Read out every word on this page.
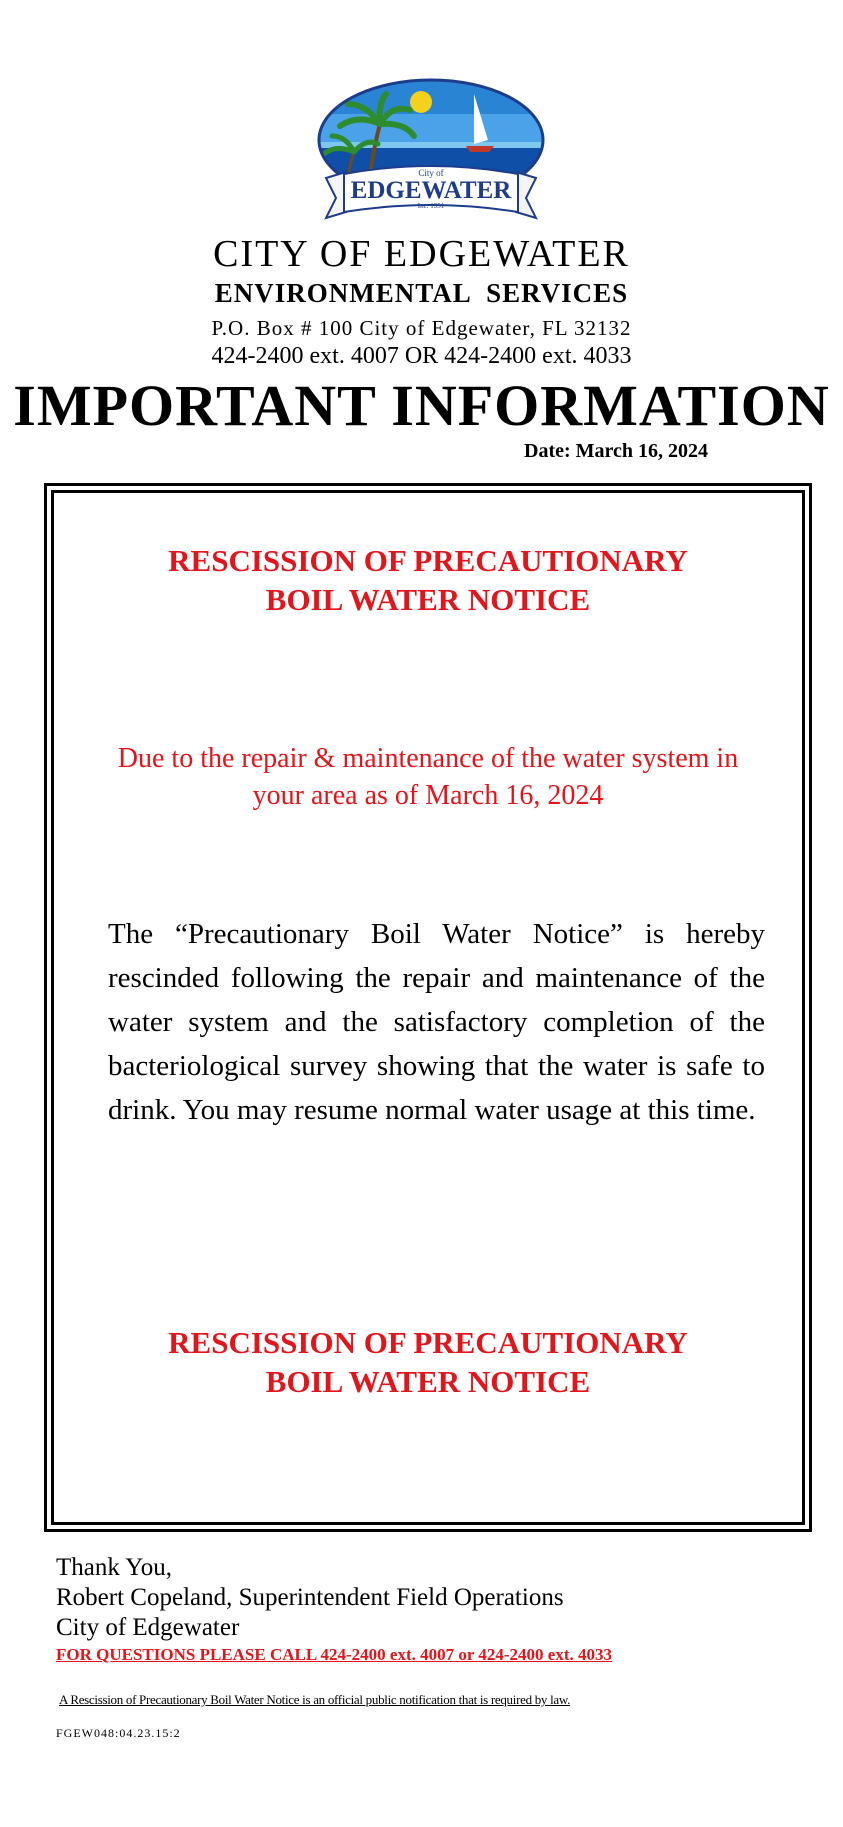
City of
EDGEWATER
Inc. 1951
CITY OF EDGEWATER
ENVIRONMENTAL SERVICES
P.O. Box # 100 City of Edgewater, FL 32132
424-2400 ext. 4007 OR 424-2400 ext. 4033
IMPORTANT INFORMATION
Date: March 16, 2024
RESCISSION OF PRECAUTIONARY
BOIL WATER NOTICE
Due to the repair & maintenance of the water system in
your area as of March 16, 2024
The “Precautionary Boil Water Notice” is hereby rescinded following the repair and maintenance of the water system and the satisfactory completion of the bacteriological survey showing that the water is safe to drink. You may resume normal water usage at this time.
RESCISSION OF PRECAUTIONARY
BOIL WATER NOTICE
Thank You,
Robert Copeland, Superintendent Field Operations
City of Edgewater
FOR QUESTIONS PLEASE CALL 424-2400 ext. 4007 or 424-2400 ext. 4033
A Rescission of Precautionary Boil Water Notice is an official public notification that is required by law.
FGEW048:04.23.15:2
